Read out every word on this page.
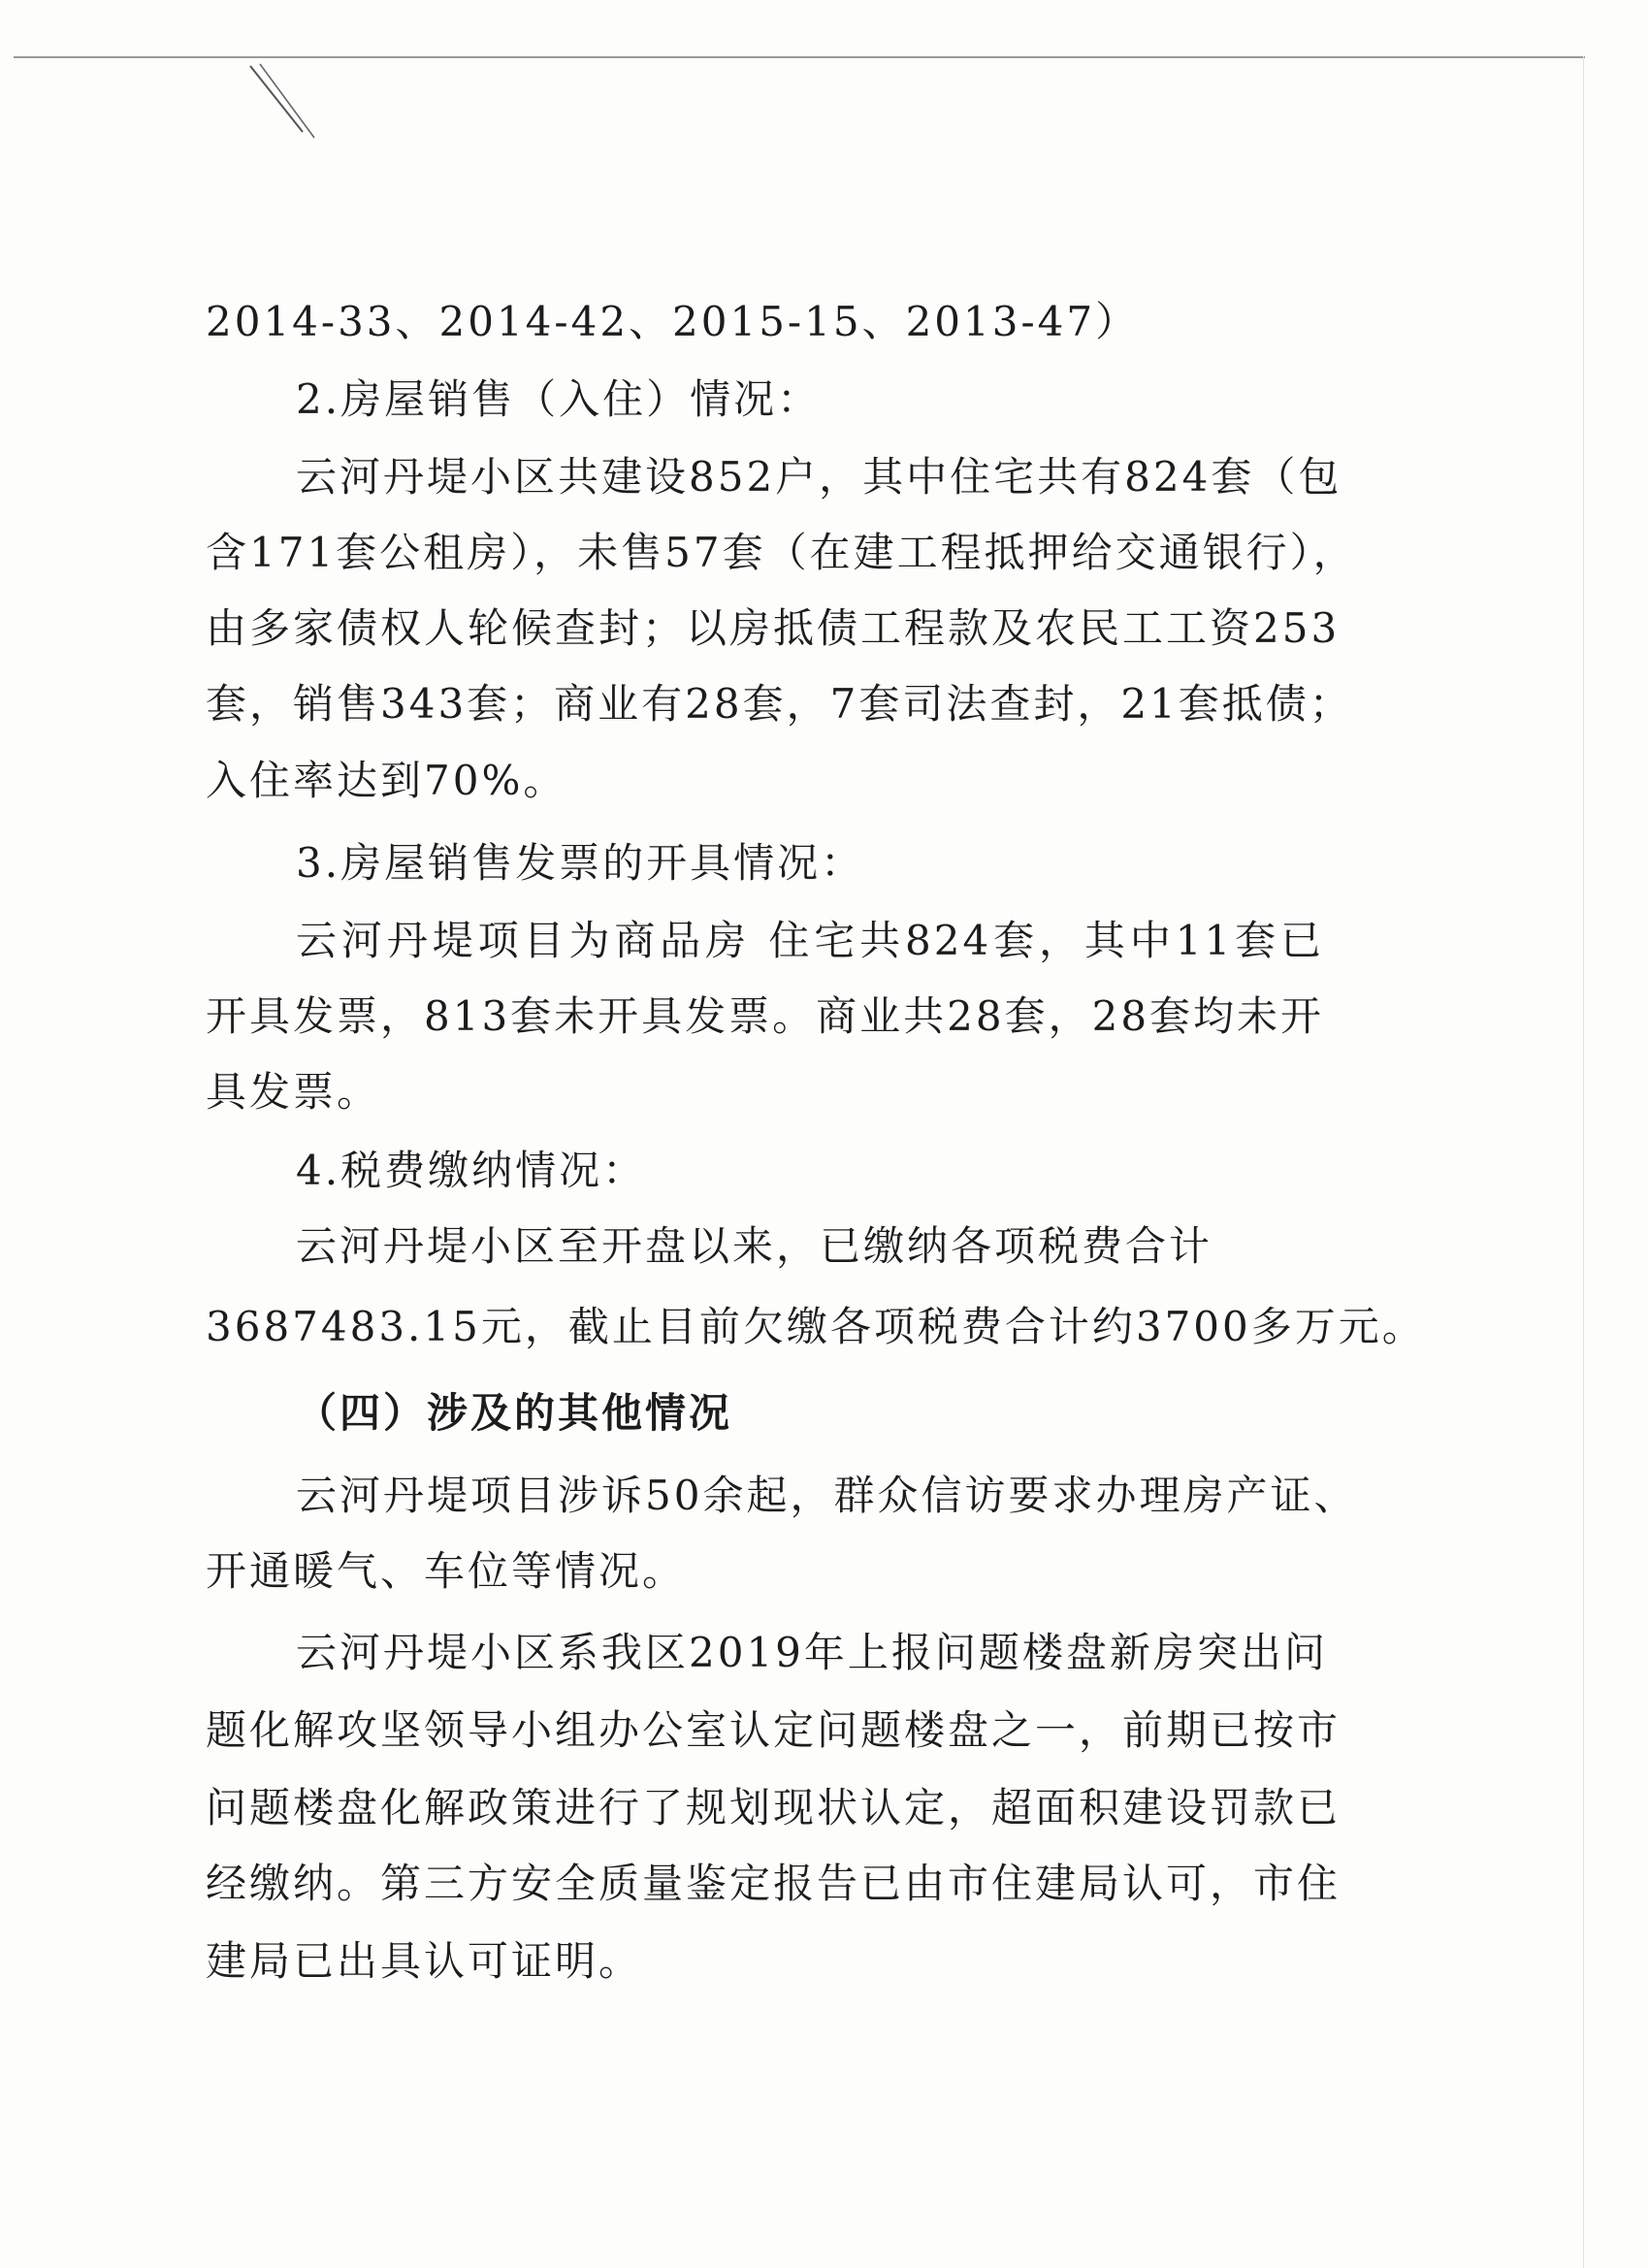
2014-33、2014-42、2015-15、2013-47）
2.房屋销售（入住）情况：
云河丹堤小区共建设852户，其中住宅共有824套（包
含171套公租房），未售57套（在建工程抵押给交通银行），
由多家债权人轮候查封；以房抵债工程款及农民工工资253
套，销售343套；商业有28套，7套司法查封，21套抵债；
入住率达到70%。
3.房屋销售发票的开具情况：
云河丹堤项目为商品房 住宅共824套，其中11套已
开具发票，813套未开具发票。商业共28套，28套均未开
具发票。
4.税费缴纳情况：
云河丹堤小区至开盘以来，已缴纳各项税费合计
3687483.15元，截止目前欠缴各项税费合计约3700多万元。
（四）涉及的其他情况
云河丹堤项目涉诉50余起，群众信访要求办理房产证、
开通暖气、车位等情况。
云河丹堤小区系我区2019年上报问题楼盘新房突出问
题化解攻坚领导小组办公室认定问题楼盘之一，前期已按市
问题楼盘化解政策进行了规划现状认定，超面积建设罚款已
经缴纳。第三方安全质量鉴定报告已由市住建局认可，市住
建局已出具认可证明。
